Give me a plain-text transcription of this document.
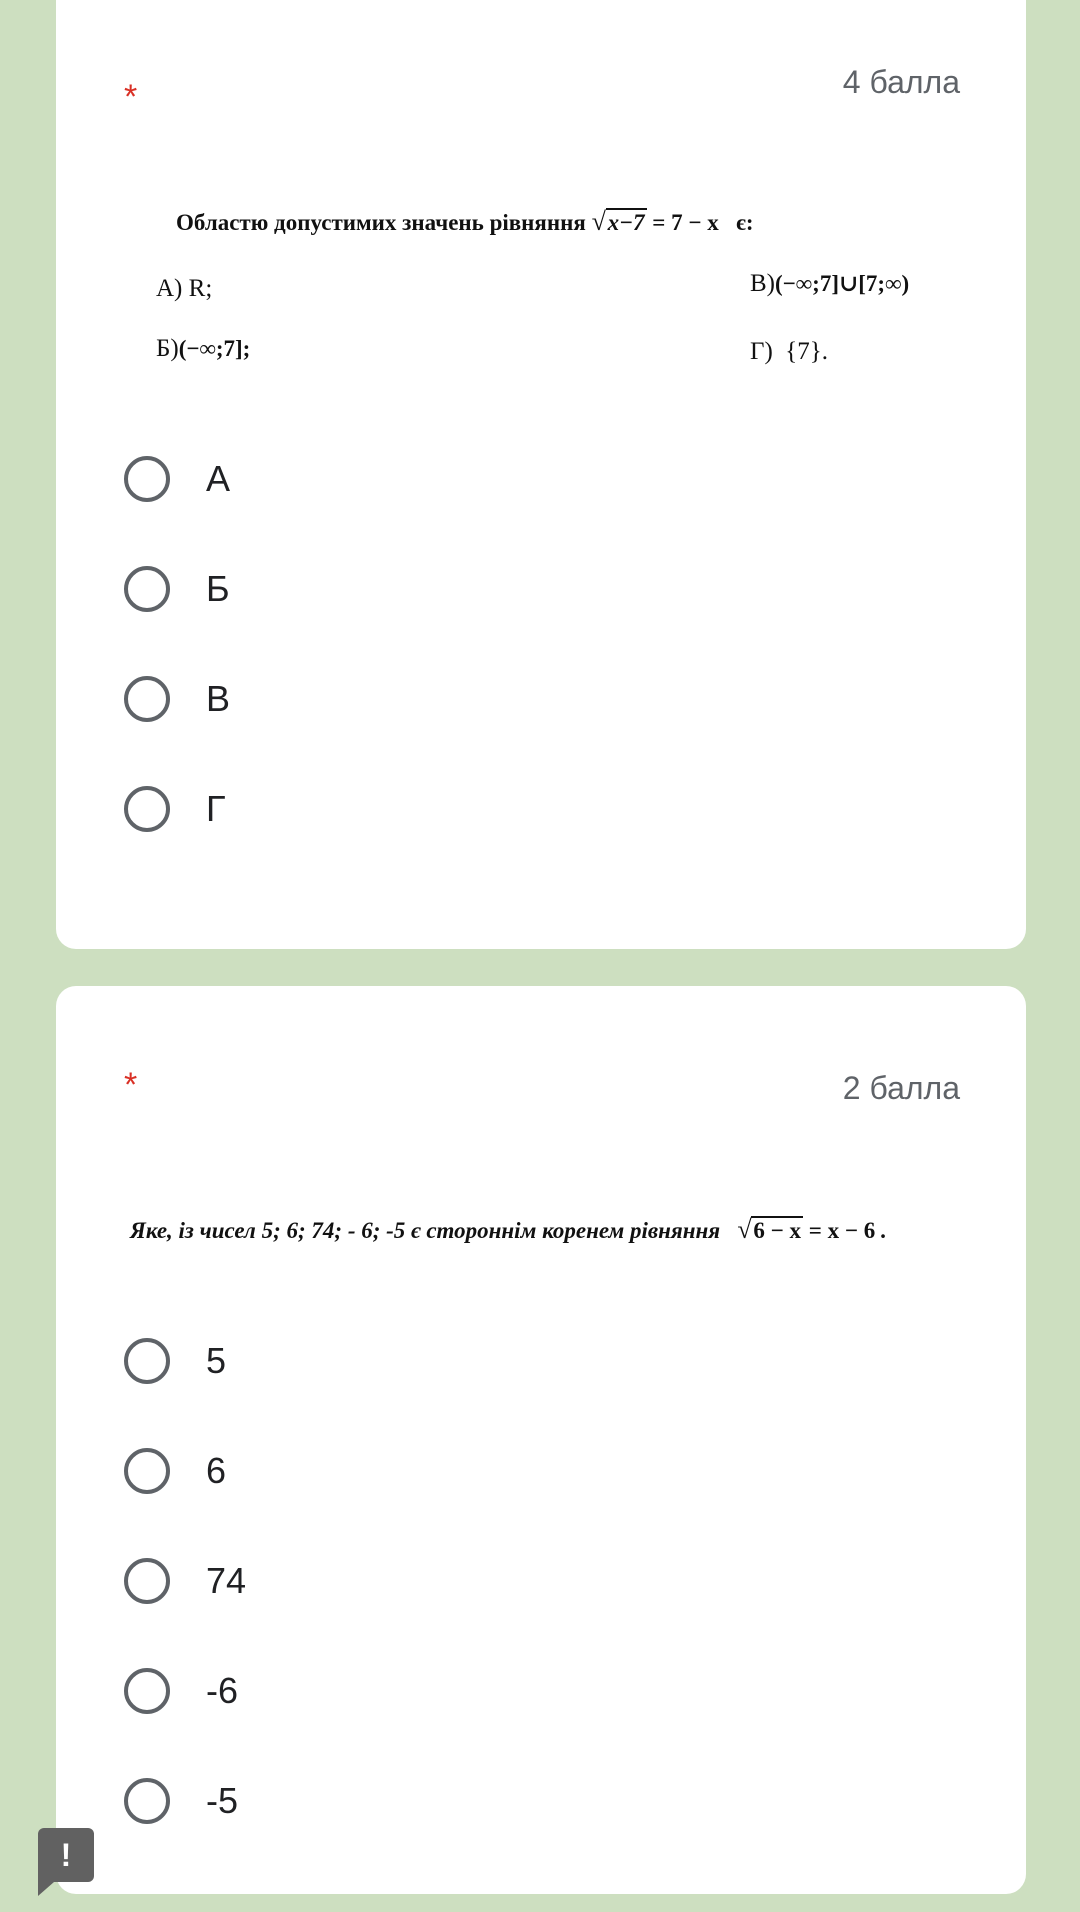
*	4 балла
Областю допустимих значень рівняння √ x−7 = 7 − x є:
А) R;	В)(−∞;7]∪[7;∞)
Б)(−∞;7];	Г) {7}.
А
Б
В
Г
*	2 балла
Яке, із чисел 5; 6; 74; - 6; -5 є стороннім коренем рівняння √ 6 − x = x − 6 .
5
6
74
-6
-5
!
